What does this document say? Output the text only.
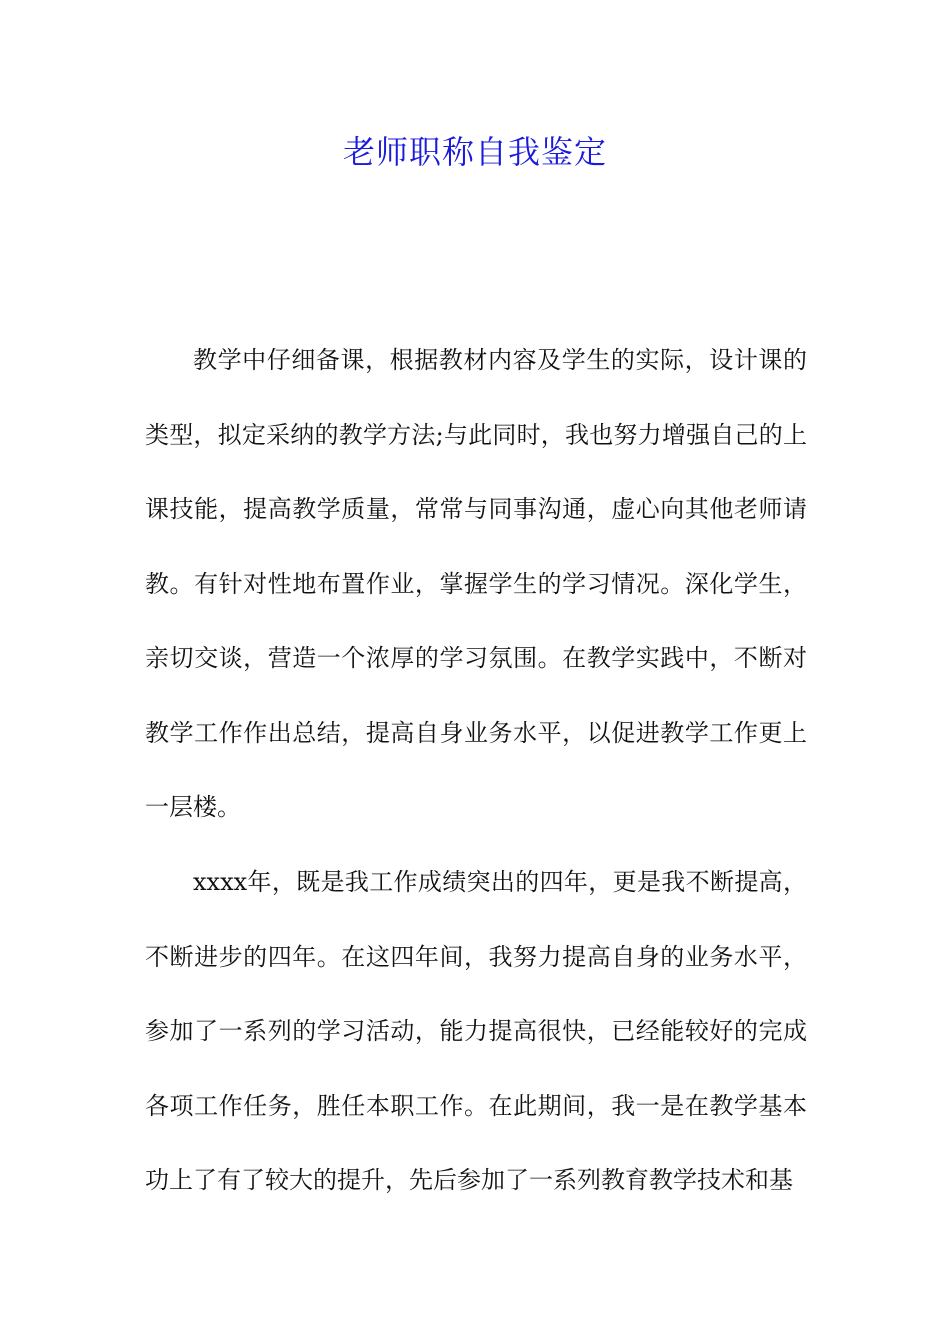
老师职称自我鉴定

教学中仔细备课，根据教材内容及学生的实际，设计课的类型，拟定采纳的教学方法;与此同时，我也努力增强自己的上课技能，提高教学质量，常常与同事沟通，虚心向其他老师请教。有针对性地布置作业，掌握学生的学习情况。深化学生，亲切交谈，营造一个浓厚的学习氛围。在教学实践中，不断对教学工作作出总结，提高自身业务水平，以促进教学工作更上一层楼。

xxxx年，既是我工作成绩突出的四年，更是我不断提高，不断进步的四年。在这四年间，我努力提高自身的业务水平，参加了一系列的学习活动，能力提高很快，已经能较好的完成各项工作任务，胜任本职工作。在此期间，我一是在教学基本功上了有了较大的提升，先后参加了一系列教育教学技术和基
